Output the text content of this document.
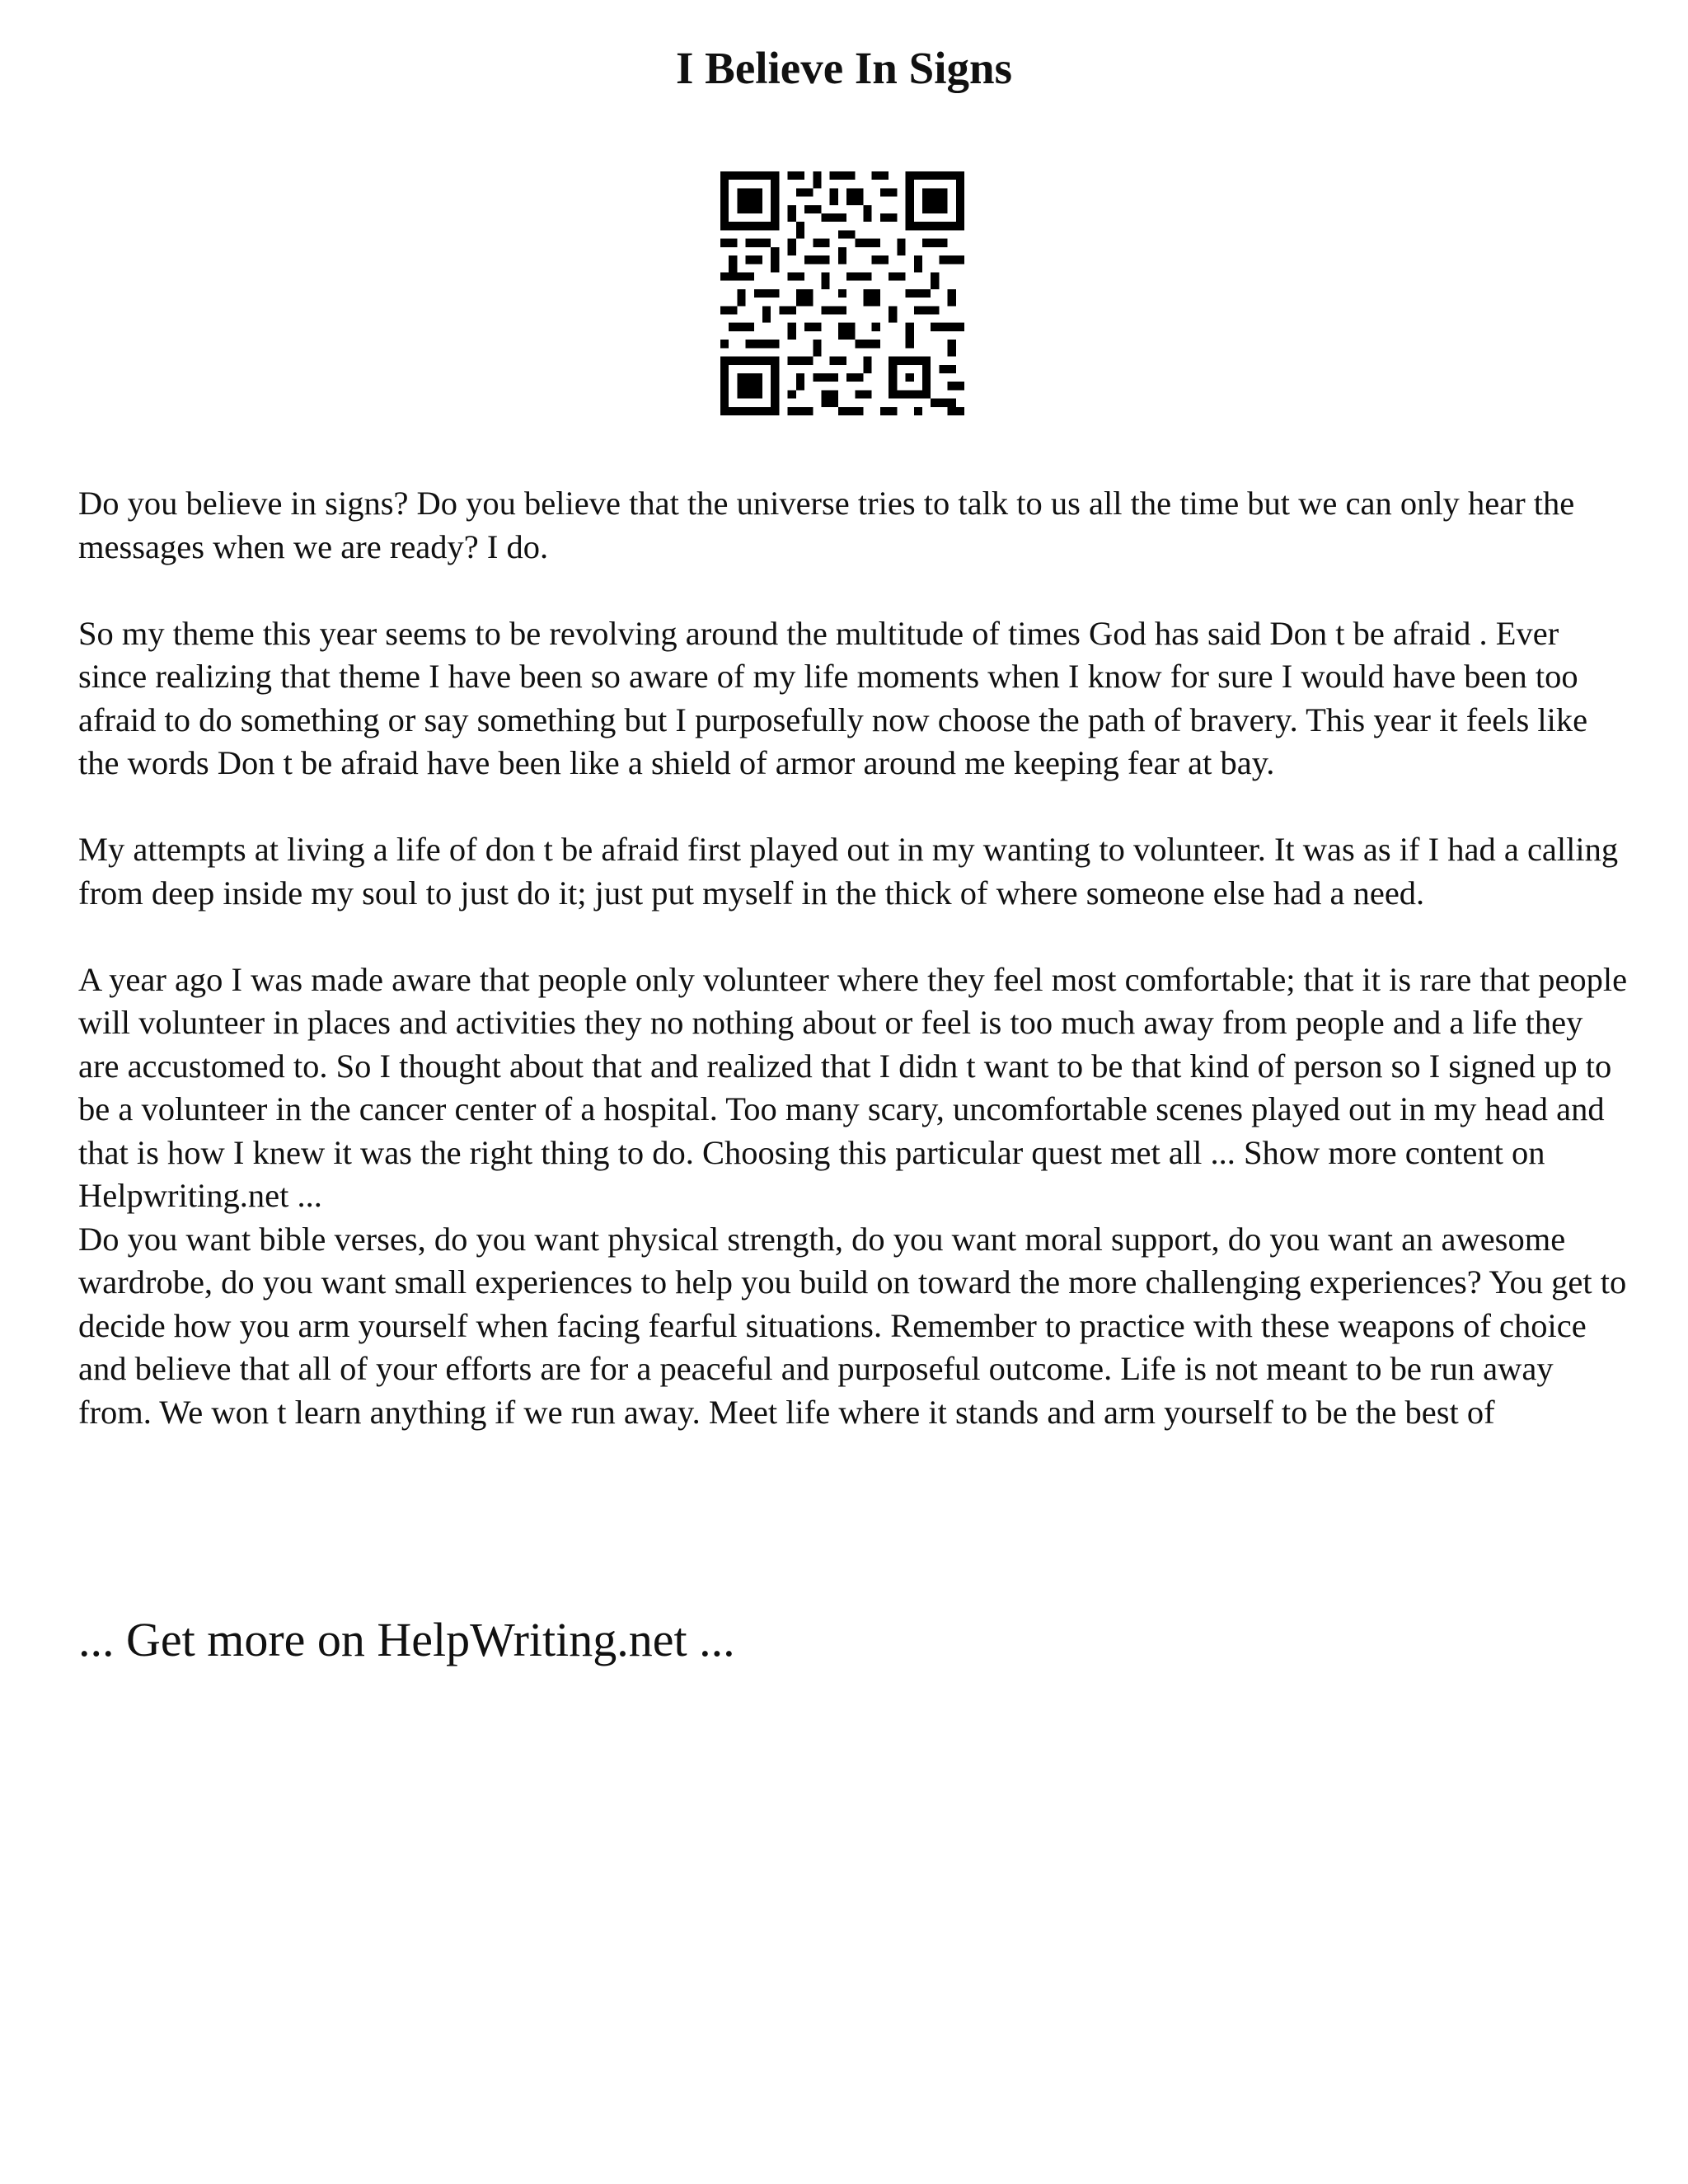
I Believe In Signs

Do you believe in signs? Do you believe that the universe tries to talk to us all the time but we can only hear the messages when we are ready? I do.

So my theme this year seems to be revolving around the multitude of times God has said Don t be afraid . Ever since realizing that theme I have been so aware of my life moments when I know for sure I would have been too afraid to do something or say something but I purposefully now choose the path of bravery. This year it feels like the words Don t be afraid have been like a shield of armor around me keeping fear at bay.

My attempts at living a life of don t be afraid first played out in my wanting to volunteer. It was as if I had a calling from deep inside my soul to just do it; just put myself in the thick of where someone else had a need.

A year ago I was made aware that people only volunteer where they feel most comfortable; that it is rare that people will volunteer in places and activities they no nothing about or feel is too much away from people and a life they are accustomed to. So I thought about that and realized that I didn t want to be that kind of person so I signed up to be a volunteer in the cancer center of a hospital. Too many scary, uncomfortable scenes played out in my head and that is how I knew it was the right thing to do. Choosing this particular quest met all ... Show more content on Helpwriting.net ...

Do you want bible verses, do you want physical strength, do you want moral support, do you want an awesome wardrobe, do you want small experiences to help you build on toward the more challenging experiences? You get to decide how you arm yourself when facing fearful situations. Remember to practice with these weapons of choice and believe that all of your efforts are for a peaceful and purposeful outcome. Life is not meant to be run away from. We won t learn anything if we run away. Meet life where it stands and arm yourself to be the best of

... Get more on HelpWriting.net ...
